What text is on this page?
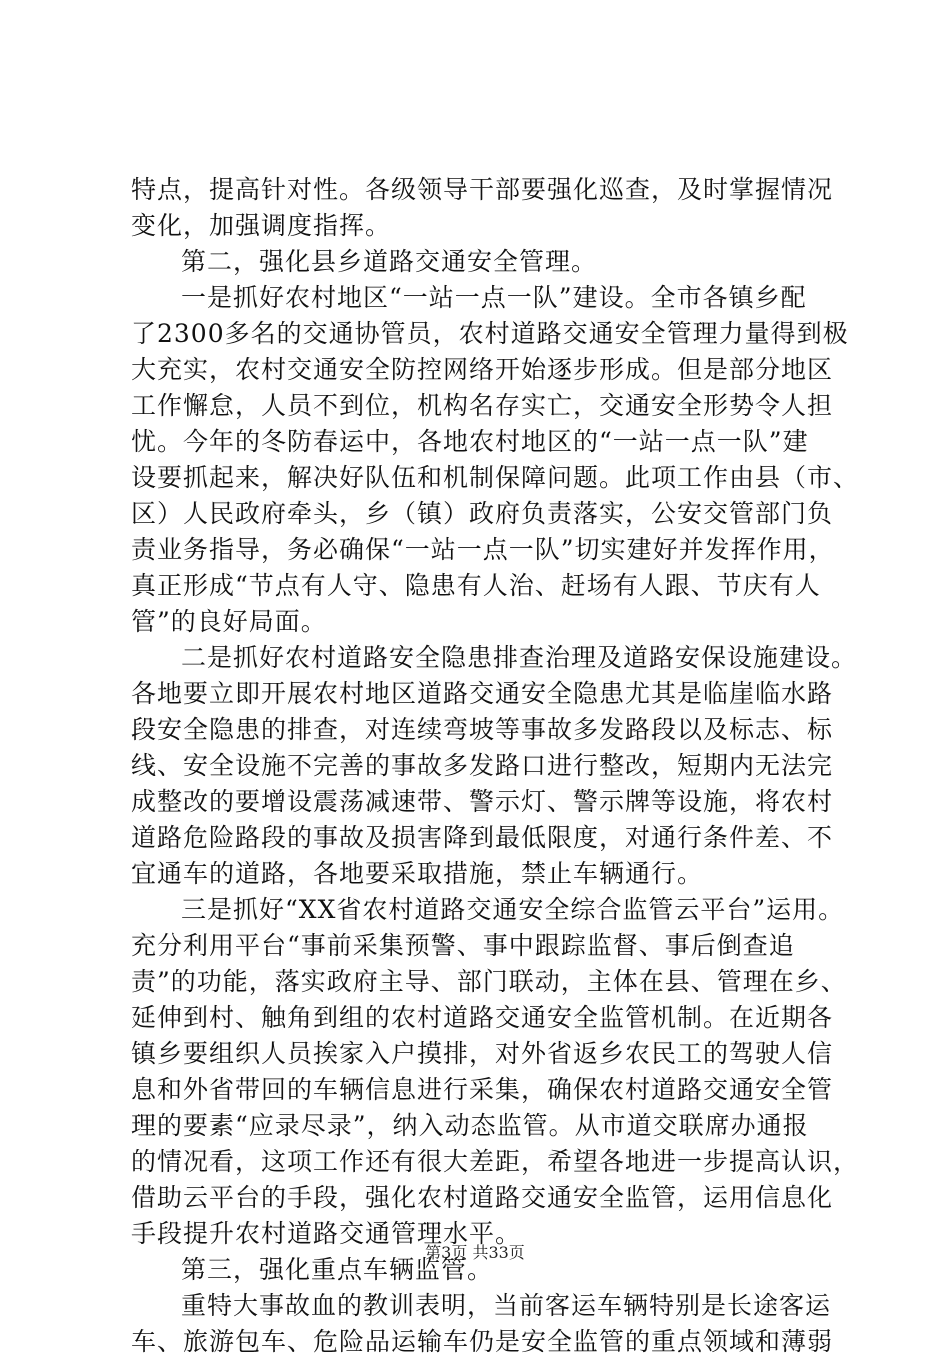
特点，提高针对性。各级领导干部要强化巡查，及时掌握情况
变化，加强调度指挥。
第二，强化县乡道路交通安全管理。
一是抓好农村地区“一站一点一队”建设。全市各镇乡配
了2300多名的交通协管员，农村道路交通安全管理力量得到极
大充实，农村交通安全防控网络开始逐步形成。但是部分地区
工作懈怠，人员不到位，机构名存实亡，交通安全形势令人担
忧。今年的冬防春运中，各地农村地区的“一站一点一队”建
设要抓起来，解决好队伍和机制保障问题。此项工作由县（市、
区）人民政府牵头，乡（镇）政府负责落实，公安交管部门负
责业务指导，务必确保“一站一点一队”切实建好并发挥作用，
真正形成“节点有人守、隐患有人治、赶场有人跟、节庆有人
管”的良好局面。
二是抓好农村道路安全隐患排查治理及道路安保设施建设。
各地要立即开展农村地区道路交通安全隐患尤其是临崖临水路
段安全隐患的排查，对连续弯坡等事故多发路段以及标志、标
线、安全设施不完善的事故多发路口进行整改，短期内无法完
成整改的要增设震荡减速带、警示灯、警示牌等设施，将农村
道路危险路段的事故及损害降到最低限度，对通行条件差、不
宜通车的道路，各地要采取措施，禁止车辆通行。
三是抓好“XX省农村道路交通安全综合监管云平台”运用。
充分利用平台“事前采集预警、事中跟踪监督、事后倒查追
责”的功能，落实政府主导、部门联动，主体在县、管理在乡、
延伸到村、触角到组的农村道路交通安全监管机制。在近期各
镇乡要组织人员挨家入户摸排，对外省返乡农民工的驾驶人信
息和外省带回的车辆信息进行采集，确保农村道路交通安全管
理的要素“应录尽录”，纳入动态监管。从市道交联席办通报
的情况看，这项工作还有很大差距，希望各地进一步提高认识，
借助云平台的手段，强化农村道路交通安全监管，运用信息化
手段提升农村道路交通管理水平。
第三，强化重点车辆监管。
重特大事故血的教训表明，当前客运车辆特别是长途客运
车、旅游包车、危险品运输车仍是安全监管的重点领域和薄弱
第3页 共33页
